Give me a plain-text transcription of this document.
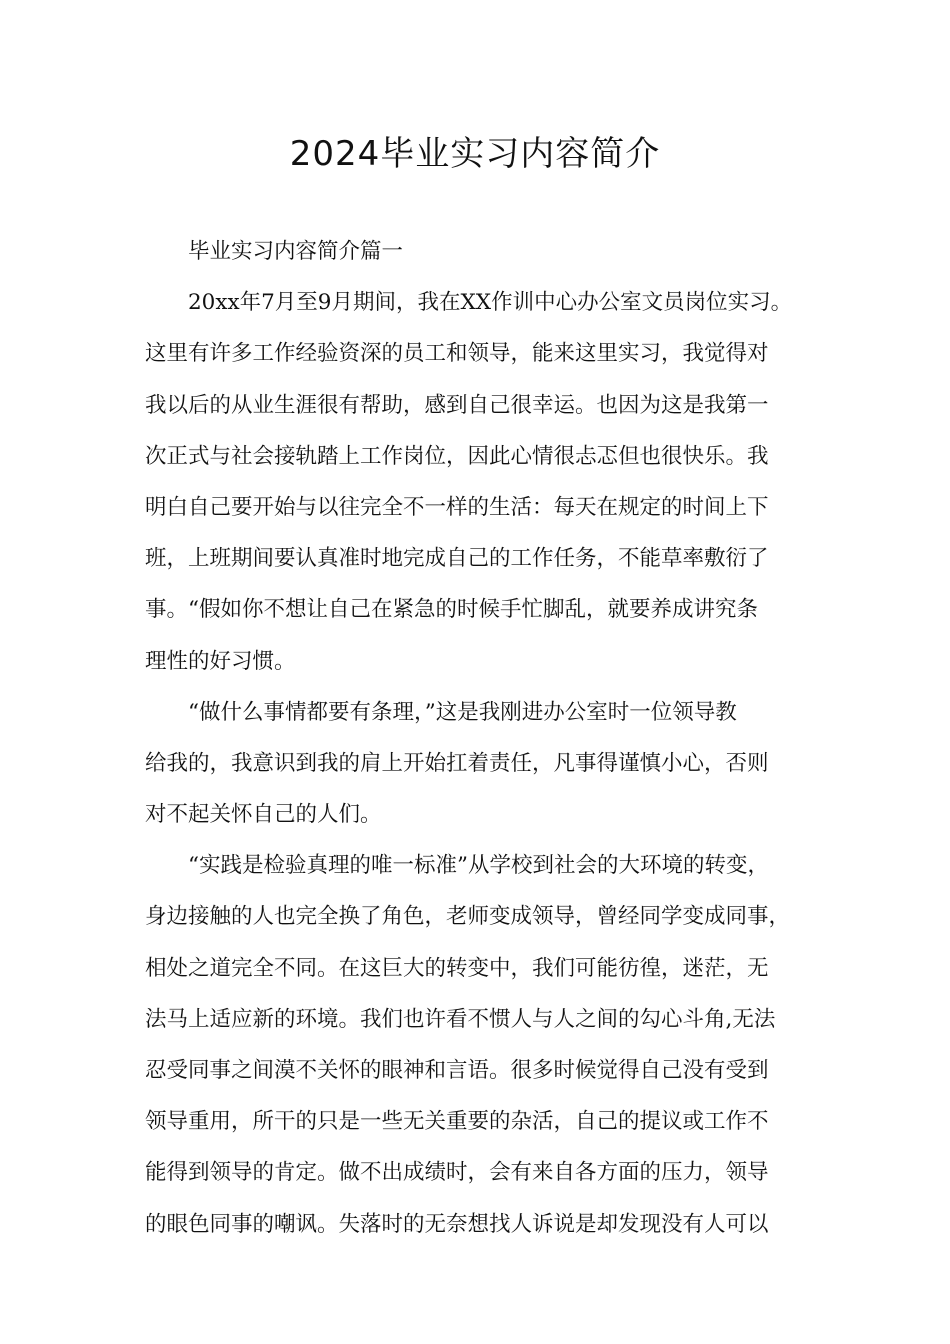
2024毕业实习内容简介
毕业实习内容简介篇一
20xx年7月至9月期间，我在XX作训中心办公室文员岗位实习。
这里有许多工作经验资深的员工和领导，能来这里实习，我觉得对
我以后的从业生涯很有帮助，感到自己很幸运。也因为这是我第一
次正式与社会接轨踏上工作岗位，因此心情很忐忑但也很快乐。我
明白自己要开始与以往完全不一样的生活：每天在规定的时间上下
班，上班期间要认真准时地完成自己的工作任务，不能草率敷衍了
事。“假如你不想让自己在紧急的时候手忙脚乱，就要养成讲究条
理性的好习惯。
“做什么事情都要有条理，”这是我刚进办公室时一位领导教
给我的，我意识到我的肩上开始扛着责任，凡事得谨慎小心，否则
对不起关怀自己的人们。
“实践是检验真理的唯一标准”从学校到社会的大环境的转变，
身边接触的人也完全换了角色，老师变成领导，曾经同学变成同事，
相处之道完全不同。在这巨大的转变中，我们可能彷徨，迷茫，无
法马上适应新的环境。我们也许看不惯人与人之间的勾心斗角,无法
忍受同事之间漠不关怀的眼神和言语。很多时候觉得自己没有受到
领导重用，所干的只是一些无关重要的杂活，自己的提议或工作不
能得到领导的肯定。做不出成绩时，会有来自各方面的压力，领导
的眼色同事的嘲讽。失落时的无奈想找人诉说是却发现没有人可以
